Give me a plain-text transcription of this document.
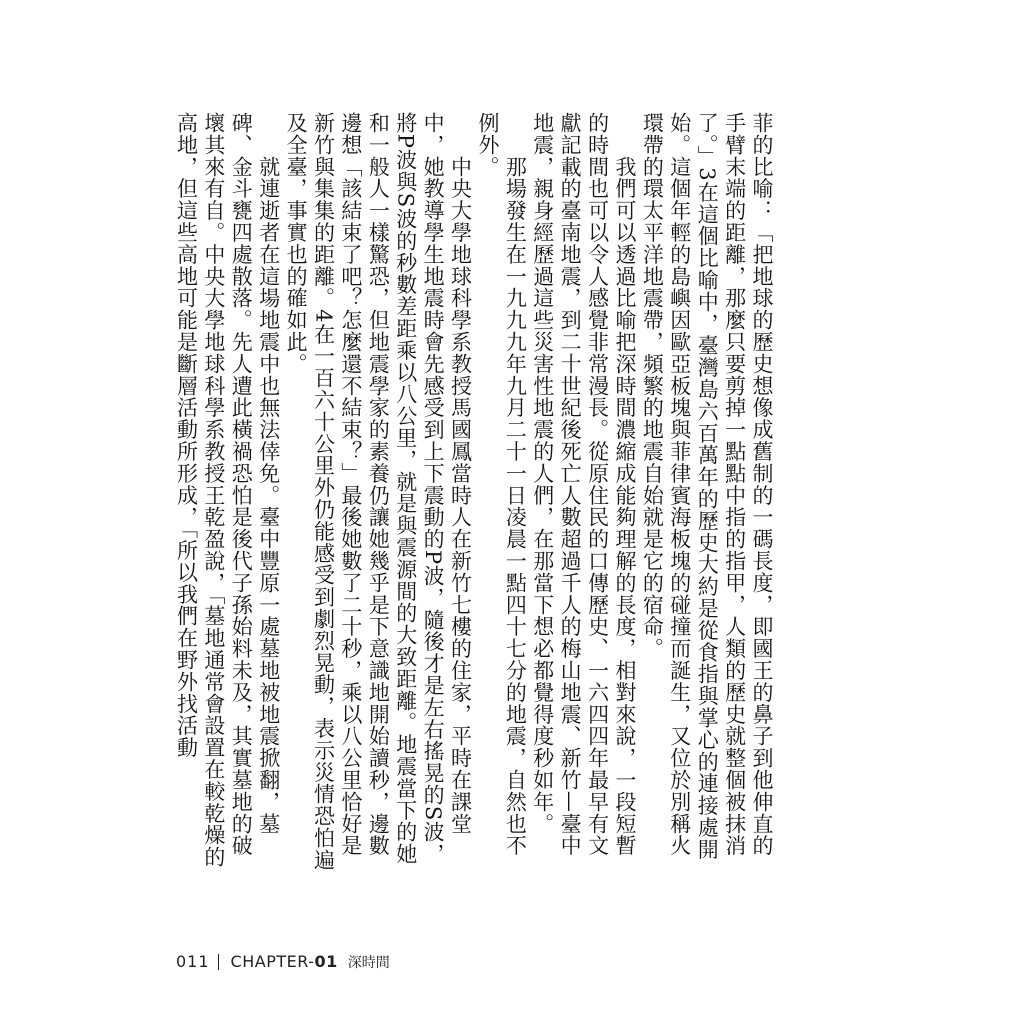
菲的比喻：「把地球的歷史想像成舊制的一碼長度，即國王的鼻子到他伸直的手臂末端的距離，那麼只要剪掉一點點中指的指甲，人類的歷史就整個被抹消了。」3在這個比喻中，臺灣島六百萬年的歷史大約是從食指與掌心的連接處開始。這個年輕的島嶼因歐亞板塊與菲律賓海板塊的碰撞而誕生，又位於別稱火環帶的環太平洋地震帶，頻繁的地震自始就是它的宿命。

　　我們可以透過比喻把深時間濃縮成能夠理解的長度，相對來說，一段短暫的時間也可以令人感覺非常漫長。從原住民的口傳歷史、一六四四年最早有文獻記載的臺南地震，到二十世紀後死亡人數超過千人的梅山地震、新竹—臺中地震，親身經歷過這些災害性地震的人們，在那當下想必都覺得度秒如年。

　　那場發生在一九九九年九月二十一日凌晨一點四十七分的地震，自然也不例外。

　　中央大學地球科學系教授馬國鳳當時人在新竹七樓的住家，平時在課堂中，她教導學生地震時會先感受到上下震動的P波，隨後才是左右搖晃的S波，將P波與S波的秒數差距乘以八公里，就是與震源間的大致距離。地震當下的她和一般人一樣驚恐，但地震學家的素養仍讓她幾乎是下意識地開始讀秒，邊數邊想「該結束了吧？怎麼還不結束？」最後她數了二十秒，乘以八公里恰好是新竹與集集的距離。4在一百六十公里外仍能感受到劇烈晃動，表示災情恐怕遍及全臺，事實也的確如此。

　　就連逝者在這場地震中也無法倖免。臺中豐原一處墓地被地震掀翻，墓碑、金斗甕四處散落。先人遭此橫禍恐怕是後代子孫始料未及，其實墓地的破壞其來有自。中央大學地球科學系教授王乾盈說，「墓地通常會設置在較乾燥的高地，但這些高地可能是斷層活動所形成，「所以我們在野外找活動

011 CHAPTER- 01 深時間
